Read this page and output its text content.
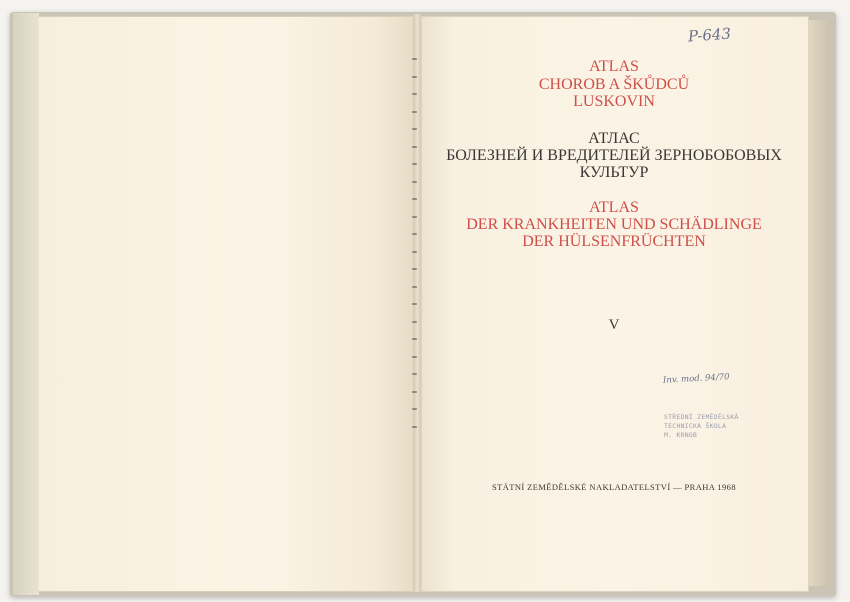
ATLAS

CHOROB A ŠKŮDCŮ

LUSKOVIN

АТЛАС

БОЛЕЗНЕЙ И ВРЕДИТЕЛЕЙ ЗЕРНОБОБОВЫХ

КУЛЬТУР

ATLAS

DER KRANKHEITEN UND SCHÄDLINGE

DER HÜLSENFRÜCHTEN

V

STÁTNÍ ZEMĚDĚLSKÉ NAKLADATELSTVÍ — PRAHA 1968

P-643
Inv. mod. 94/70
STŘEDNÍ ZEMĚDĚLSKÁ
TECHNICKÁ ŠKOLA
M. KRNOB
